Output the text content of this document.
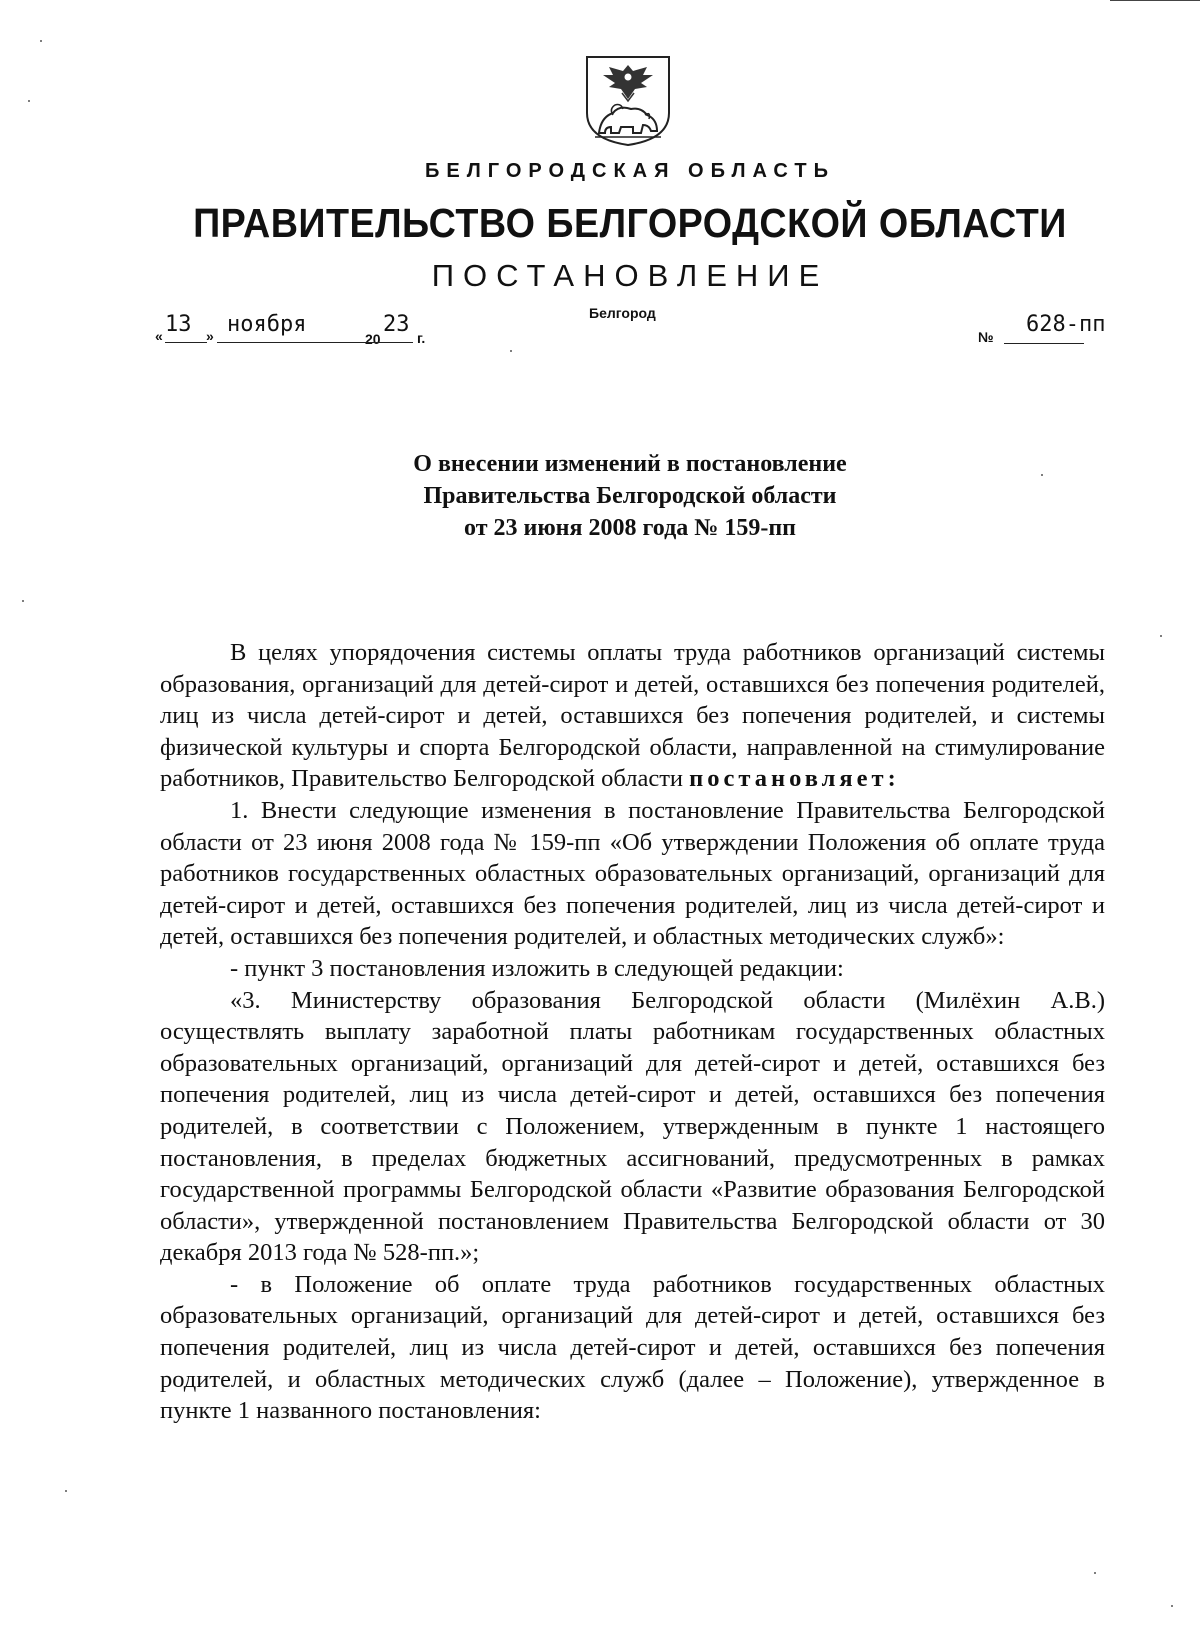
БЕЛГОРОДСКАЯ ОБЛАСТЬ
ПРАВИТЕЛЬСТВО БЕЛГОРОДСКОЙ ОБЛАСТИ
ПОСТАНОВЛЕНИЕ
Белгород
« 13 » ноября
20
23
г.	№ 628-пп
О внесении изменений в постановление
Правительства Белгородской области
от 23 июня 2008 года № 159-пп

В целях упорядочения системы оплаты труда работников организаций системы образования, организаций для детей-сирот и детей, оставшихся без попечения родителей, лиц из числа детей-сирот и детей, оставшихся без попечения родителей, и системы физической культуры и спорта Белгородской области, направленной на стимулирование работников, Правительство Белгородской области постановляет:

1. Внести следующие изменения в постановление Правительства Белгородской области от 23 июня 2008 года № 159-пп «Об утверждении Положения об оплате труда работников государственных областных образовательных организаций, организаций для детей-сирот и детей, оставшихся без попечения родителей, лиц из числа детей-сирот и детей, оставшихся без попечения родителей, и областных методических служб»:

- пункт 3 постановления изложить в следующей редакции:

«3. Министерству образования Белгородской области (Милёхин А.В.) осуществлять выплату заработной платы работникам государственных областных образовательных организаций, организаций для детей-сирот и детей, оставшихся без попечения родителей, лиц из числа детей-сирот и детей, оставшихся без попечения родителей, в соответствии с Положением, утвержденным в пункте 1 настоящего постановления, в пределах бюджетных ассигнований, предусмотренных в рамках государственной программы Белгородской области «Развитие образования Белгородской области», утвержденной постановлением Правительства Белгородской области от 30 декабря 2013 года № 528-пп.»;

- в Положение об оплате труда работников государственных областных образовательных организаций, организаций для детей-сирот и детей, оставшихся без попечения родителей, лиц из числа детей-сирот и детей, оставшихся без попечения родителей, и областных методических служб (далее – Положение), утвержденное в пункте 1 названного постановления:
